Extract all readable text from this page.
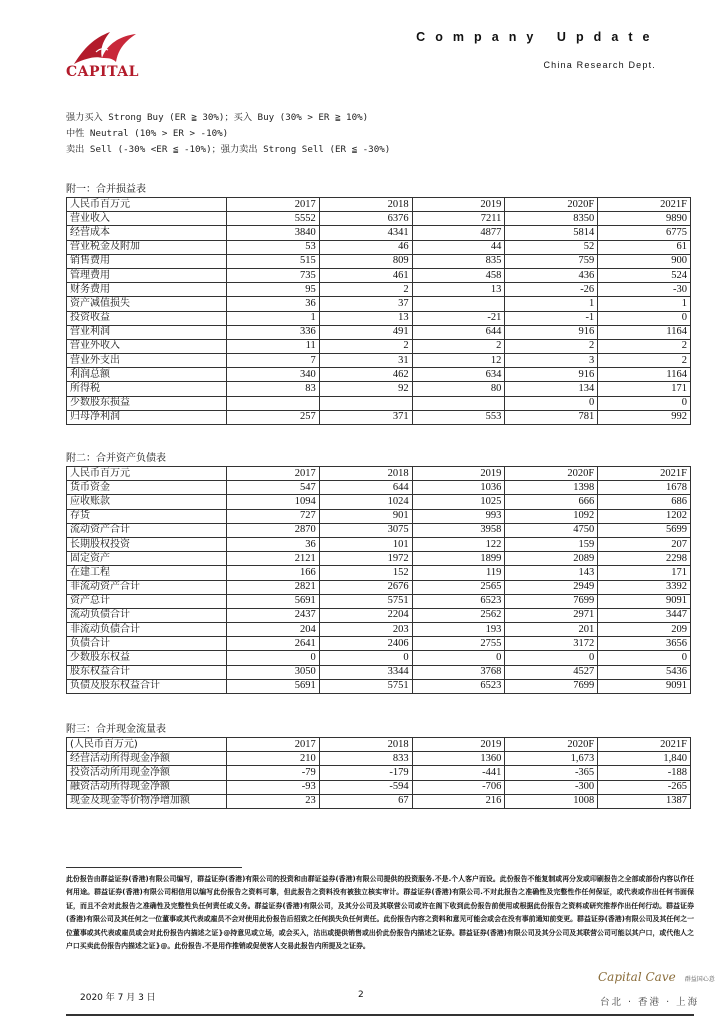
CAPITAL
C o m p a n y   U p d a t e
China Research Dept.
强力买入 Strong Buy (ER ≧ 30%)；买入 Buy (30% > ER ≧ 10%)
中性 Neutral (10% > ER > -10%)
卖出 Sell (-30% <ER ≦ -10%)；强力卖出 Strong Sell (ER ≦ -30%)
附一：合并损益表
人民币百万元	2017	2018	2019	2020F	2021F
营业收入	5552	6376	7211	8350	9890
经营成本	3840	4341	4877	5814	6775
营业税金及附加	53	46	44	52	61
销售费用	515	809	835	759	900
管理费用	735	461	458	436	524
财务费用	95	2	13	-26	-30
资产减值损失	36	37		1	1
投资收益	1	13	-21	-1	0
营业利润	336	491	644	916	1164
营业外收入	11	2	2	2	2
营业外支出	7	31	12	3	2
利润总额	340	462	634	916	1164
所得税	83	92	80	134	171
少数股东损益				0	0
归母净利润	257	371	553	781	992
附二：合并资产负债表
人民币百万元	2017	2018	2019	2020F	2021F
货币资金	547	644	1036	1398	1678
应收账款	1094	1024	1025	666	686
存货	727	901	993	1092	1202
流动资产合计	2870	3075	3958	4750	5699
长期股权投资	36	101	122	159	207
固定资产	2121	1972	1899	2089	2298
在建工程	166	152	119	143	171
非流动资产合计	2821	2676	2565	2949	3392
资产总计	5691	5751	6523	7699	9091
流动负债合计	2437	2204	2562	2971	3447
非流动负债合计	204	203	193	201	209
负债合计	2641	2406	2755	3172	3656
少数股东权益	0	0	0	0	0
股东权益合计	3050	3344	3768	4527	5436
负债及股东权益合计	5691	5751	6523	7699	9091
附三：合并现金流量表
(人民币百万元)	2017	2018	2019	2020F	2021F
经营活动所得现金净额	210	833	1360	1,673	1,840
投资活动所用现金净额	-79	-179	-441	-365	-188
融资活动所得现金净额	-93	-594	-706	-300	-265
现金及现金等价物净增加额	23	67	216	1008	1387
此份报告由群益证券(香港)有限公司编写，群益证券(香港)有限公司的投资和由群证益券(香港)有限公司提供的投资服务.不是.个人客户而设。此份报告不能复制或再分发或印刷报告之全部或部份内容以作任何用途。群益证券(香港)有限公司相信用以编写此份报告之资料可靠，但此报告之资料没有被独立核实审计。群益证券(香港)有限公司.不对此报告之准确性及完整性作任何保证，或代表或作出任何书面保证，而且不会对此报告之准确性及完整性负任何责任或义务。群益证券(香港)有限公司，及其分公司及其联营公司或许在阁下收到此份报告前使用或根据此份报告之资料或研究推荐作出任何行动。群益证券(香港)有限公司及其任何之一位董事或其代表或雇员不会对使用此份报告后招致之任何损失负任何责任。此份报告内容之资料和意见可能会或会在没有事前通知前变更。群益证券(香港)有限公司及其任何之一位董事或其代表或雇员或会对此份报告内描述之证}@持意见或立场，或会买入，沽出或提供销售或出价此份报告内描述之证券。群益证券(香港)有限公司及其分公司及其联营公司可能以其户口，或代他人之户口买卖此份报告内描述之证}@。此份报告.不是用作推销或促使客人交易此报告内所提及之证券。
Capital Cave 群益国心意
台北 · 香港 · 上海
2020 年 7 月 3 日	2
